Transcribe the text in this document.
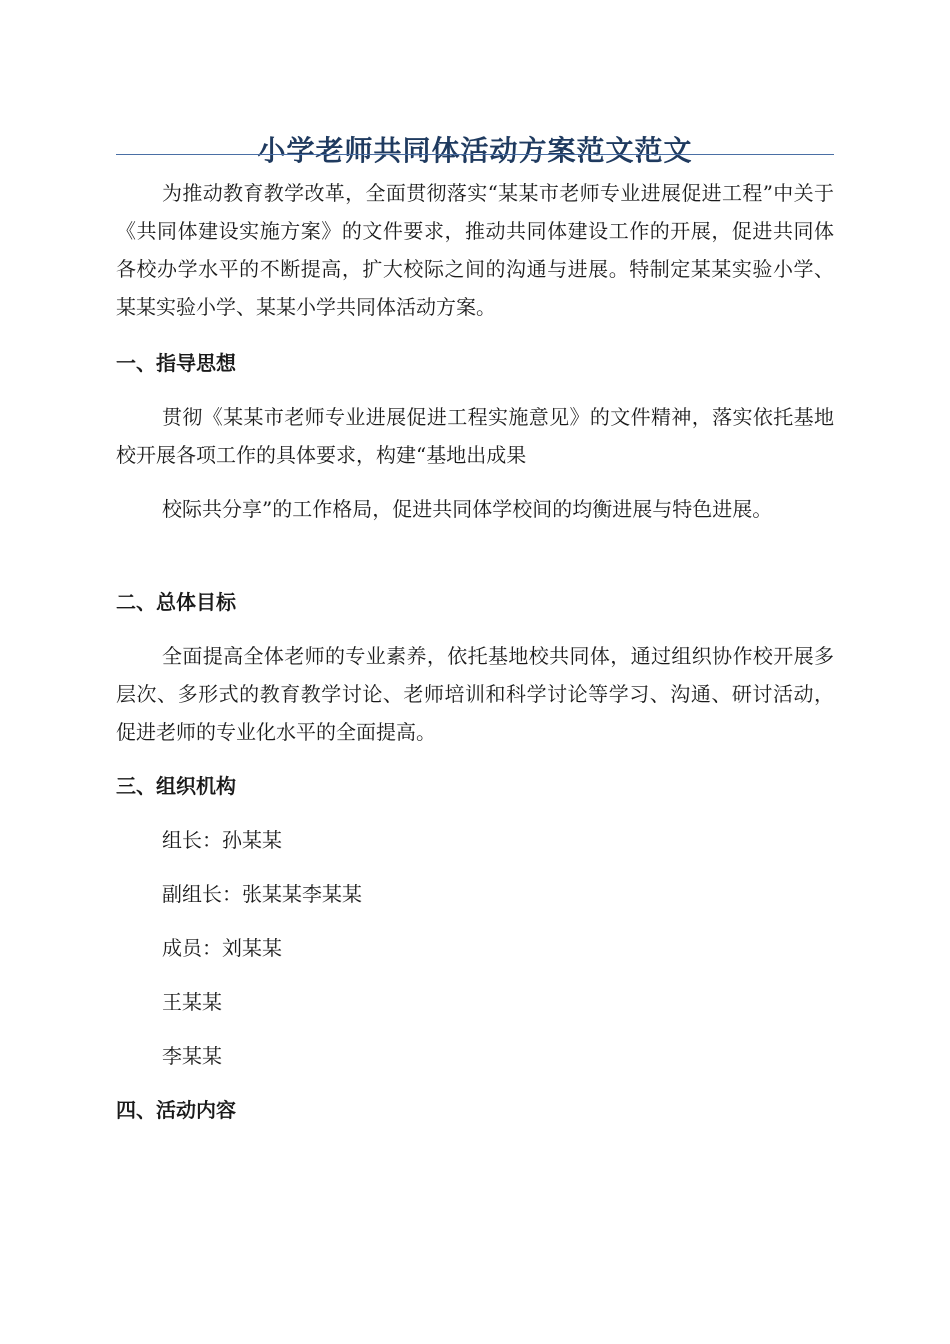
小学老师共同体活动方案范文范文

为推动教育教学改革，全面贯彻落实“某某市老师专业进展促进工程”中关于《共同体建设实施方案》的文件要求，推动共同体建设工作的开展，促进共同体各校办学水平的不断提高，扩大校际之间的沟通与进展。特制定某某实验小学、某某实验小学、某某小学共同体活动方案。

一、指导思想

贯彻《某某市老师专业进展促进工程实施意见》的文件精神，落实依托基地校开展各项工作的具体要求，构建“基地出成果

校际共分享”的工作格局，促进共同体学校间的均衡进展与特色进展。

二、总体目标

全面提高全体老师的专业素养，依托基地校共同体，通过组织协作校开展多层次、多形式的教育教学讨论、老师培训和科学讨论等学习、沟通、研讨活动，促进老师的专业化水平的全面提高。

三、组织机构

组长：孙某某

副组长：张某某李某某

成员：刘某某

王某某

李某某

四、活动内容
